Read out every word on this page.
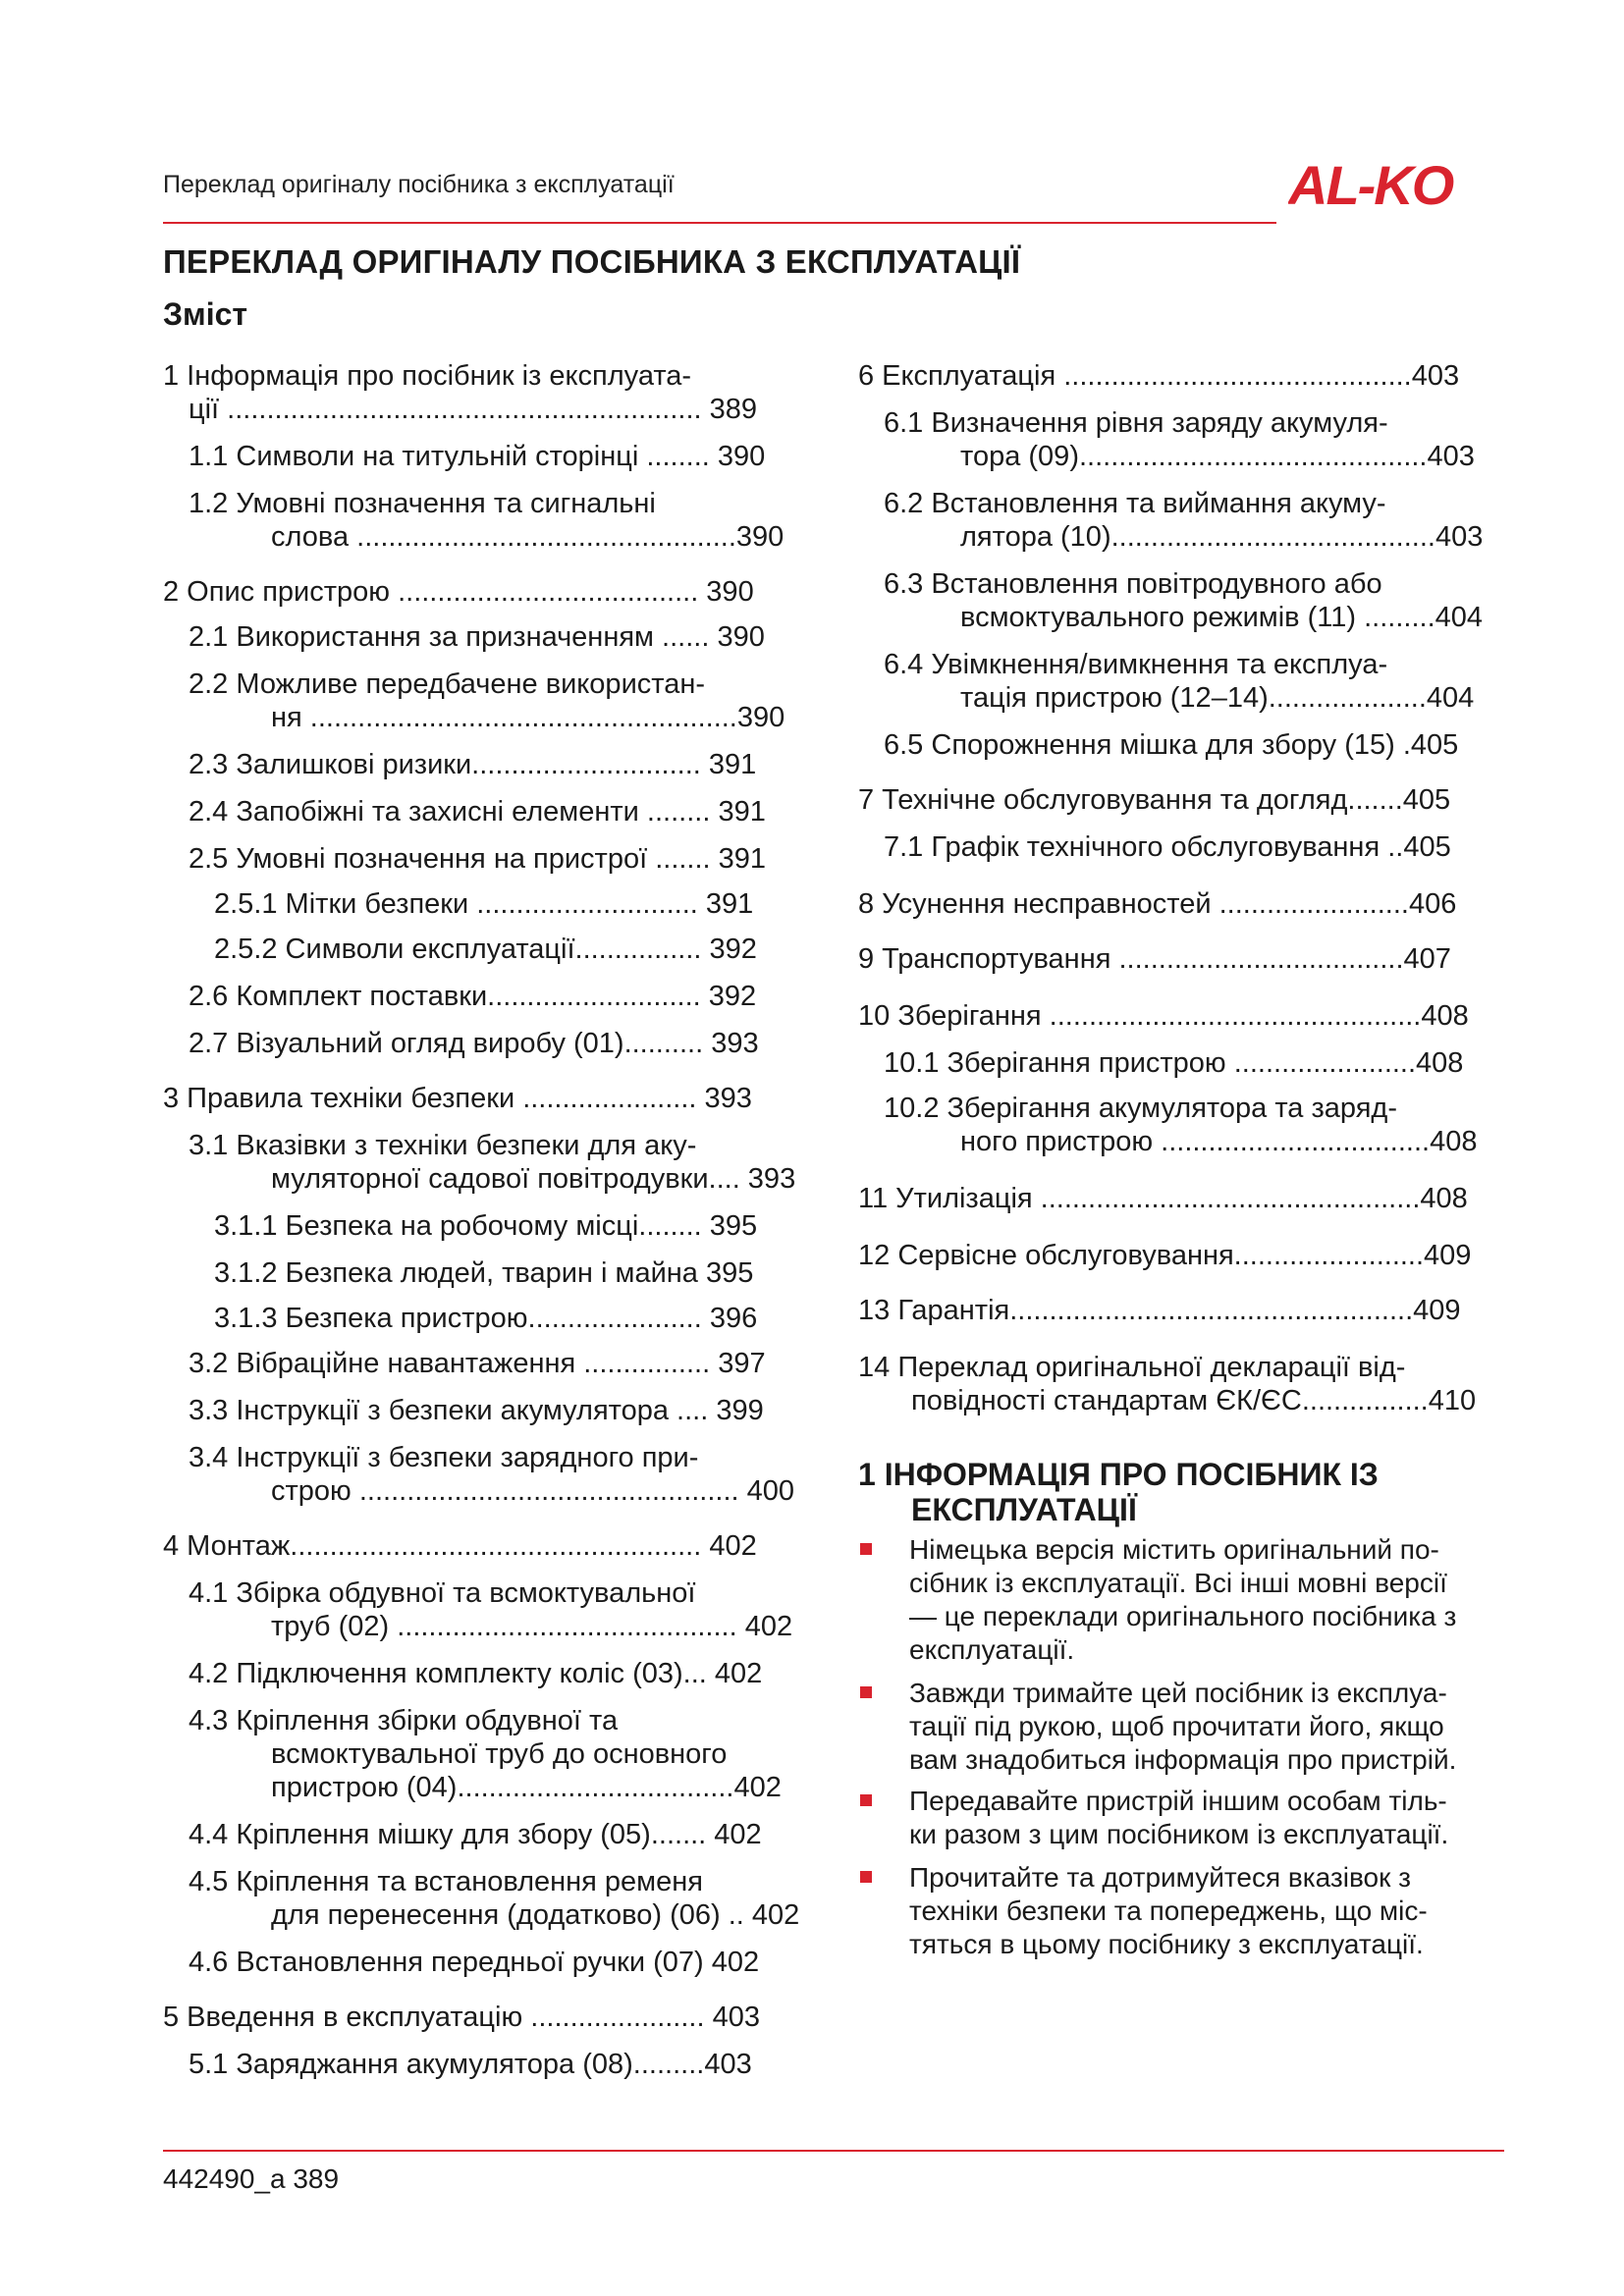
Переклад оригіналу посібника з експлуатації	AL-KO
ПЕРЕКЛАД ОРИГІНАЛУ ПОСІБНИКА З ЕКСПЛУАТАЦІЇ
Зміст
1 Інформація про посібник із експлуата-
ції ............................................................ 389
1.1 Символи на титульній сторінці ........ 390
1.2 Умовні позначення та сигнальні
слова ................................................390
2 Опис пристрою ...................................... 390
2.1 Використання за призначенням ...... 390
2.2 Можливе передбачене використан-
ня ......................................................390
2.3 Залишкові ризики............................. 391
2.4 Запобіжні та захисні елементи ........ 391
2.5 Умовні позначення на пристрої ....... 391
2.5.1 Мітки безпеки ............................ 391
2.5.2 Символи експлуатації................ 392
2.6 Комплект поставки........................... 392
2.7 Візуальний огляд виробу (01).......... 393
3 Правила техніки безпеки ...................... 393
3.1 Вказівки з техніки безпеки для аку-
муляторної садової повітродувки.... 393
3.1.1 Безпека на робочому місці........ 395
3.1.2 Безпека людей, тварин і майна 395
3.1.3 Безпека пристрою...................... 396
3.2 Вібраційне навантаження ................ 397
3.3 Інструкції з безпеки акумулятора .... 399
3.4 Інструкції з безпеки зарядного при-
строю ................................................ 400
4 Монтаж.................................................... 402
4.1 Збірка обдувної та всмоктувальної
труб (02) ........................................... 402
4.2 Підключення комплекту коліс (03)... 402
4.3 Кріплення збірки обдувної та
всмоктувальної труб до основного
пристрою (04)...................................402
4.4 Кріплення мішку для збору (05)....... 402
4.5 Кріплення та встановлення ременя
для перенесення (додатково) (06) .. 402
4.6 Встановлення передньої ручки (07) 402
5 Введення в експлуатацію ...................... 403
5.1 Заряджання акумулятора (08).........403
6 Експлуатація ............................................403
6.1 Визначення рівня заряду акумуля-
тора (09)............................................403
6.2 Встановлення та виймання акуму-
лятора (10).........................................403
6.3 Встановлення повітродувного або
всмоктувального режимів (11) .........404
6.4 Увімкнення/вимкнення та експлуа-
тація пристрою (12–14)....................404
6.5 Спорожнення мішка для збору (15) .405
7 Технічне обслуговування та догляд.......405
7.1 Графік технічного обслуговування ..405
8 Усунення несправностей ........................406
9 Транспортування ....................................407
10 Зберігання ...............................................408
10.1 Зберігання пристрою .......................408
10.2 Зберігання акумулятора та заряд-
ного пристрою ..................................408
11 Утилізація ................................................408
12 Сервісне обслуговування........................409
13 Гарантія...................................................409
14 Переклад оригінальної декларації від-
повідності стандартам ЄК/ЄС................410
1 ІНФОРМАЦІЯ ПРО ПОСІБНИК ІЗ
ЕКСПЛУАТАЦІЇ
Німецька версія містить оригінальний по-
сібник із експлуатації. Всі інші мовні версії
— це переклади оригінального посібника з
експлуатації.
Завжди тримайте цей посібник із експлуа-
тації під рукою, щоб прочитати його, якщо
вам знадобиться інформація про пристрій.
Передавайте пристрій іншим особам тіль-
ки разом з цим посібником із експлуатації.
Прочитайте та дотримуйтеся вказівок з
техніки безпеки та попереджень, що міс-
тяться в цьому посібнику з експлуатації.
442490_a 389
